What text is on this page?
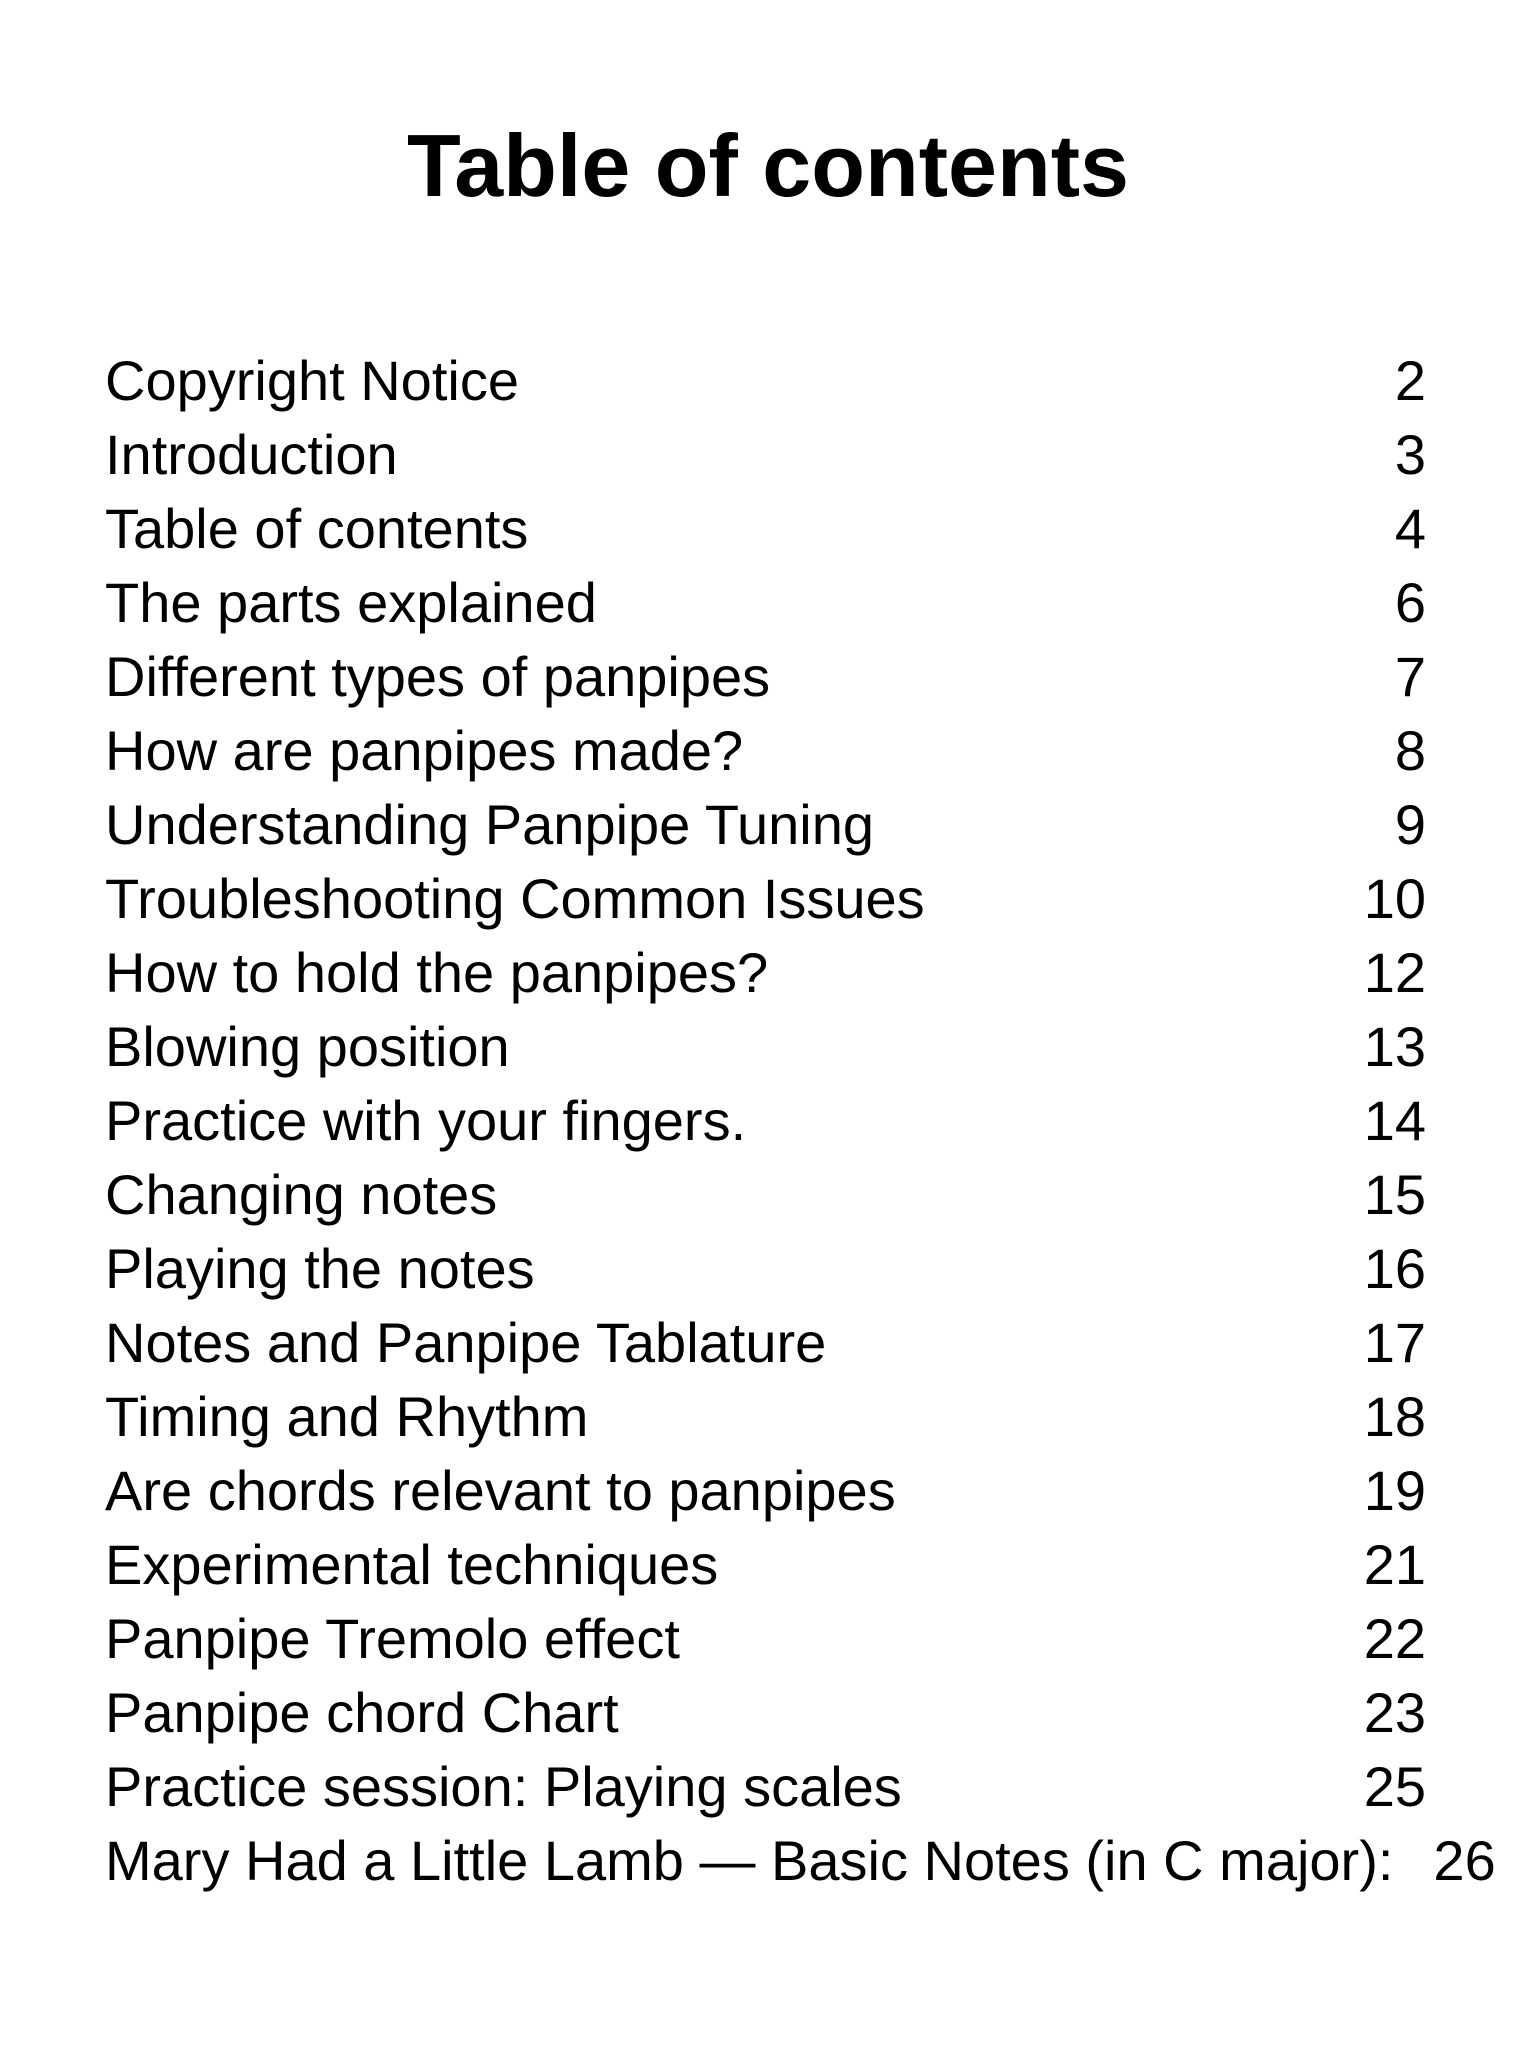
Table of contents
Copyright Notice	2
Introduction	3
Table of contents	4
The parts explained	6
Different types of panpipes	7
How are panpipes made?	8
Understanding Panpipe Tuning	9
Troubleshooting Common Issues	10
How to hold the panpipes?	12
Blowing position	13
Practice with your fingers.	14
Changing notes	15
Playing the notes	16
Notes and Panpipe Tablature	17
Timing and Rhythm	18
Are chords relevant to panpipes	19
Experimental techniques	21
Panpipe Tremolo effect	22
Panpipe chord Chart	23
Practice session: Playing scales	25
Mary Had a Little Lamb — Basic Notes (in C major): 26
